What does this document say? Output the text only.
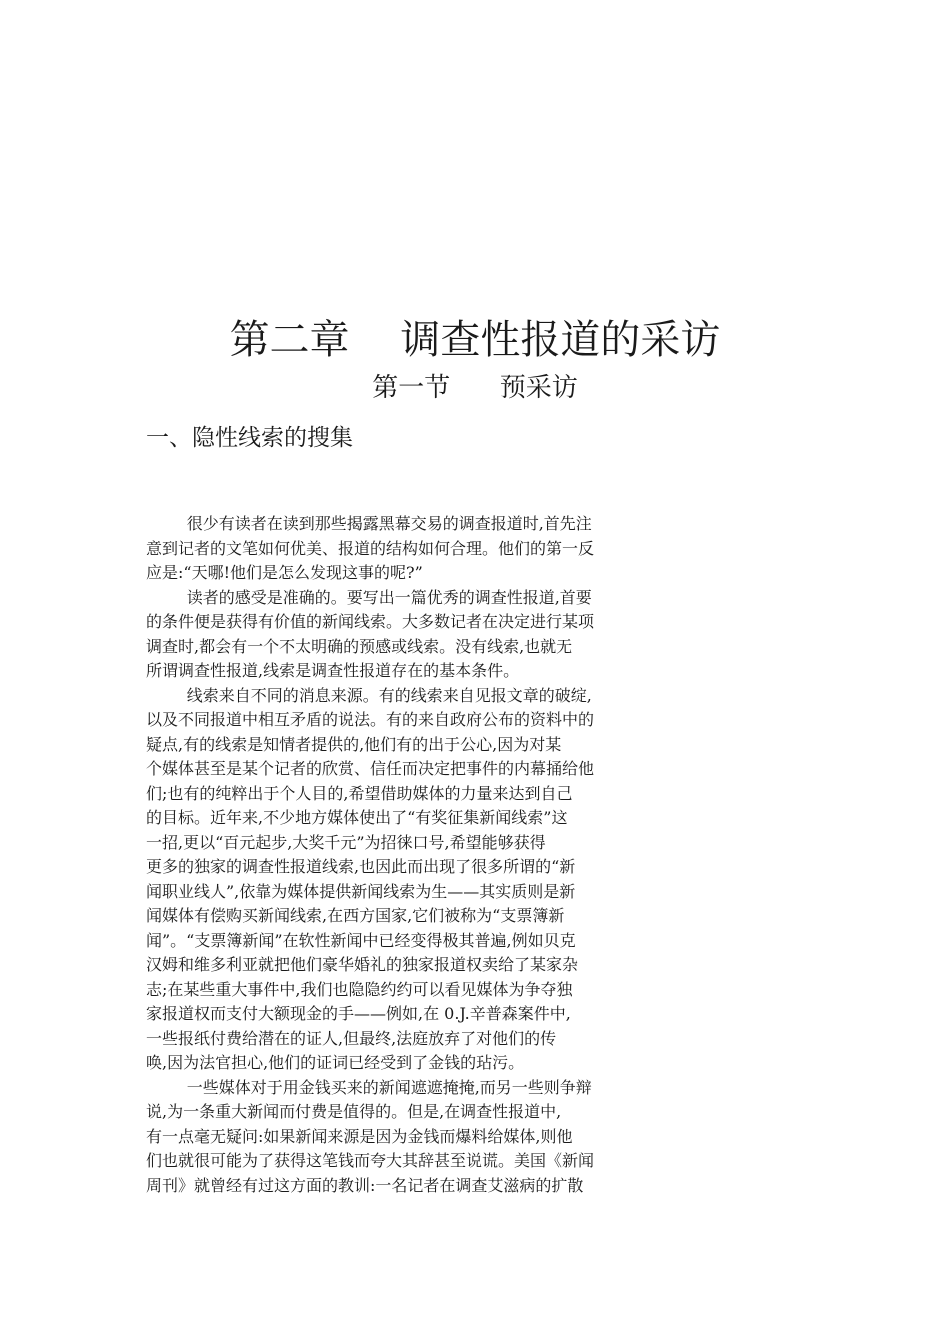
第二章    调查性报道的采访
第一节      预采访
一、隐性线索的搜集
很少有读者在读到那些揭露黑幕交易的调查报道时,首先注
意到记者的文笔如何优美、报道的结构如何合理。他们的第一反
应是:“天哪!他们是怎么发现这事的呢?”
读者的感受是准确的。要写出一篇优秀的调查性报道,首要
的条件便是获得有价值的新闻线索。大多数记者在决定进行某项
调查时,都会有一个不太明确的预感或线索。没有线索,也就无
所谓调查性报道,线索是调查性报道存在的基本条件。
线索来自不同的消息来源。有的线索来自见报文章的破绽,
以及不同报道中相互矛盾的说法。有的来自政府公布的资料中的
疑点,有的线索是知情者提供的,他们有的出于公心,因为对某
个媒体甚至是某个记者的欣赏、信任而决定把事件的内幕捅给他
们;也有的纯粹出于个人目的,希望借助媒体的力量来达到自己
的目标。近年来,不少地方媒体使出了“有奖征集新闻线索”这
一招,更以“百元起步,大奖千元”为招徕口号,希望能够获得
更多的独家的调查性报道线索,也因此而出现了很多所谓的“新
闻职业线人”,依靠为媒体提供新闻线索为生——其实质则是新
闻媒体有偿购买新闻线索,在西方国家,它们被称为“支票簿新
闻”。“支票簿新闻”在软性新闻中已经变得极其普遍,例如贝克
汉姆和维多利亚就把他们豪华婚礼的独家报道权卖给了某家杂
志;在某些重大事件中,我们也隐隐约约可以看见媒体为争夺独
家报道权而支付大额现金的手——例如,在 0.J.辛普森案件中,
一些报纸付费给潜在的证人,但最终,法庭放弃了对他们的传
唤,因为法官担心,他们的证词已经受到了金钱的玷污。
一些媒体对于用金钱买来的新闻遮遮掩掩,而另一些则争辩
说,为一条重大新闻而付费是值得的。但是,在调查性报道中,
有一点毫无疑问:如果新闻来源是因为金钱而爆料给媒体,则他
们也就很可能为了获得这笔钱而夸大其辞甚至说谎。美国《新闻
周刊》就曾经有过这方面的教训:一名记者在调查艾滋病的扩散
